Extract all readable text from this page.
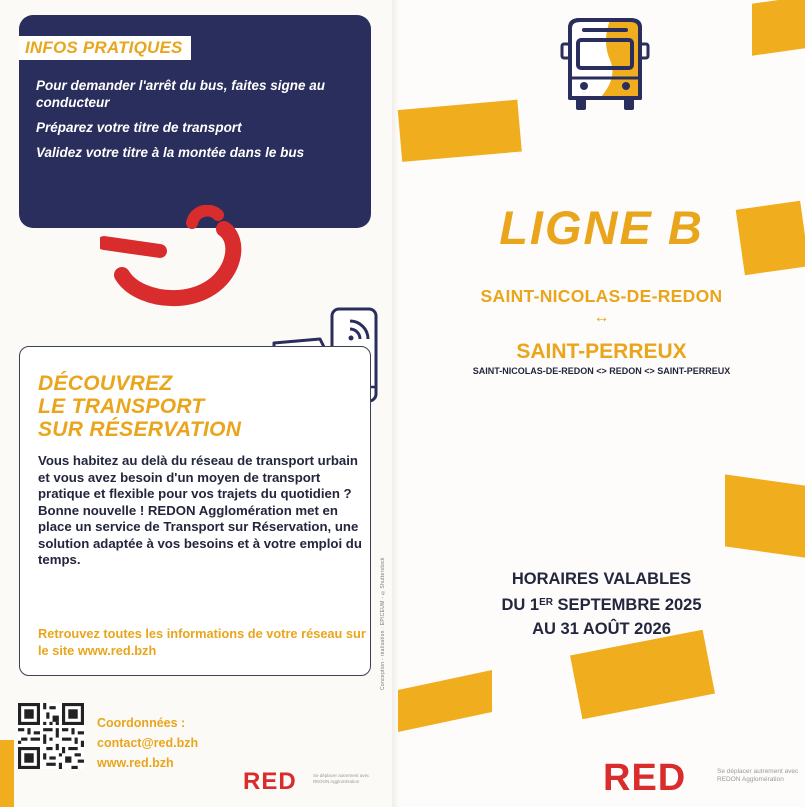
INFOS PRATIQUES

Pour demander l'arrêt du bus, faites signe au conducteur

Préparez votre titre de transport

Validez votre titre à la montée dans le bus

DÉCOUVREZ
LE TRANSPORT
SUR RÉSERVATION
Vous habitez au delà du réseau de transport urbain et vous avez besoin d'un moyen de transport pratique et flexible pour vos trajets du quotidien ? Bonne nouvelle ! REDON Agglomération met en place un service de Transport sur Réservation, une solution adaptée à vos besoins et à votre emploi du temps.
Retrouvez toutes les informations de votre réseau sur le site www.red.bzh
Coordonnées :
contact@red.bzh
www.red.bzh
RED	Se déplacer autrement avec REDON Agglomération
Conception - réalisation : EPICEUM - ©Shutterstock
LIGNE B
SAINT-NICOLAS-DE-REDON
↔
SAINT-PERREUX
SAINT-NICOLAS-DE-REDON <> REDON <> SAINT-PERREUX
HORAIRES VALABLES
DU 1ER SEPTEMBRE 2025
AU 31 AOÛT 2026
RED	Se déplacer autrement avec REDON Agglomération
